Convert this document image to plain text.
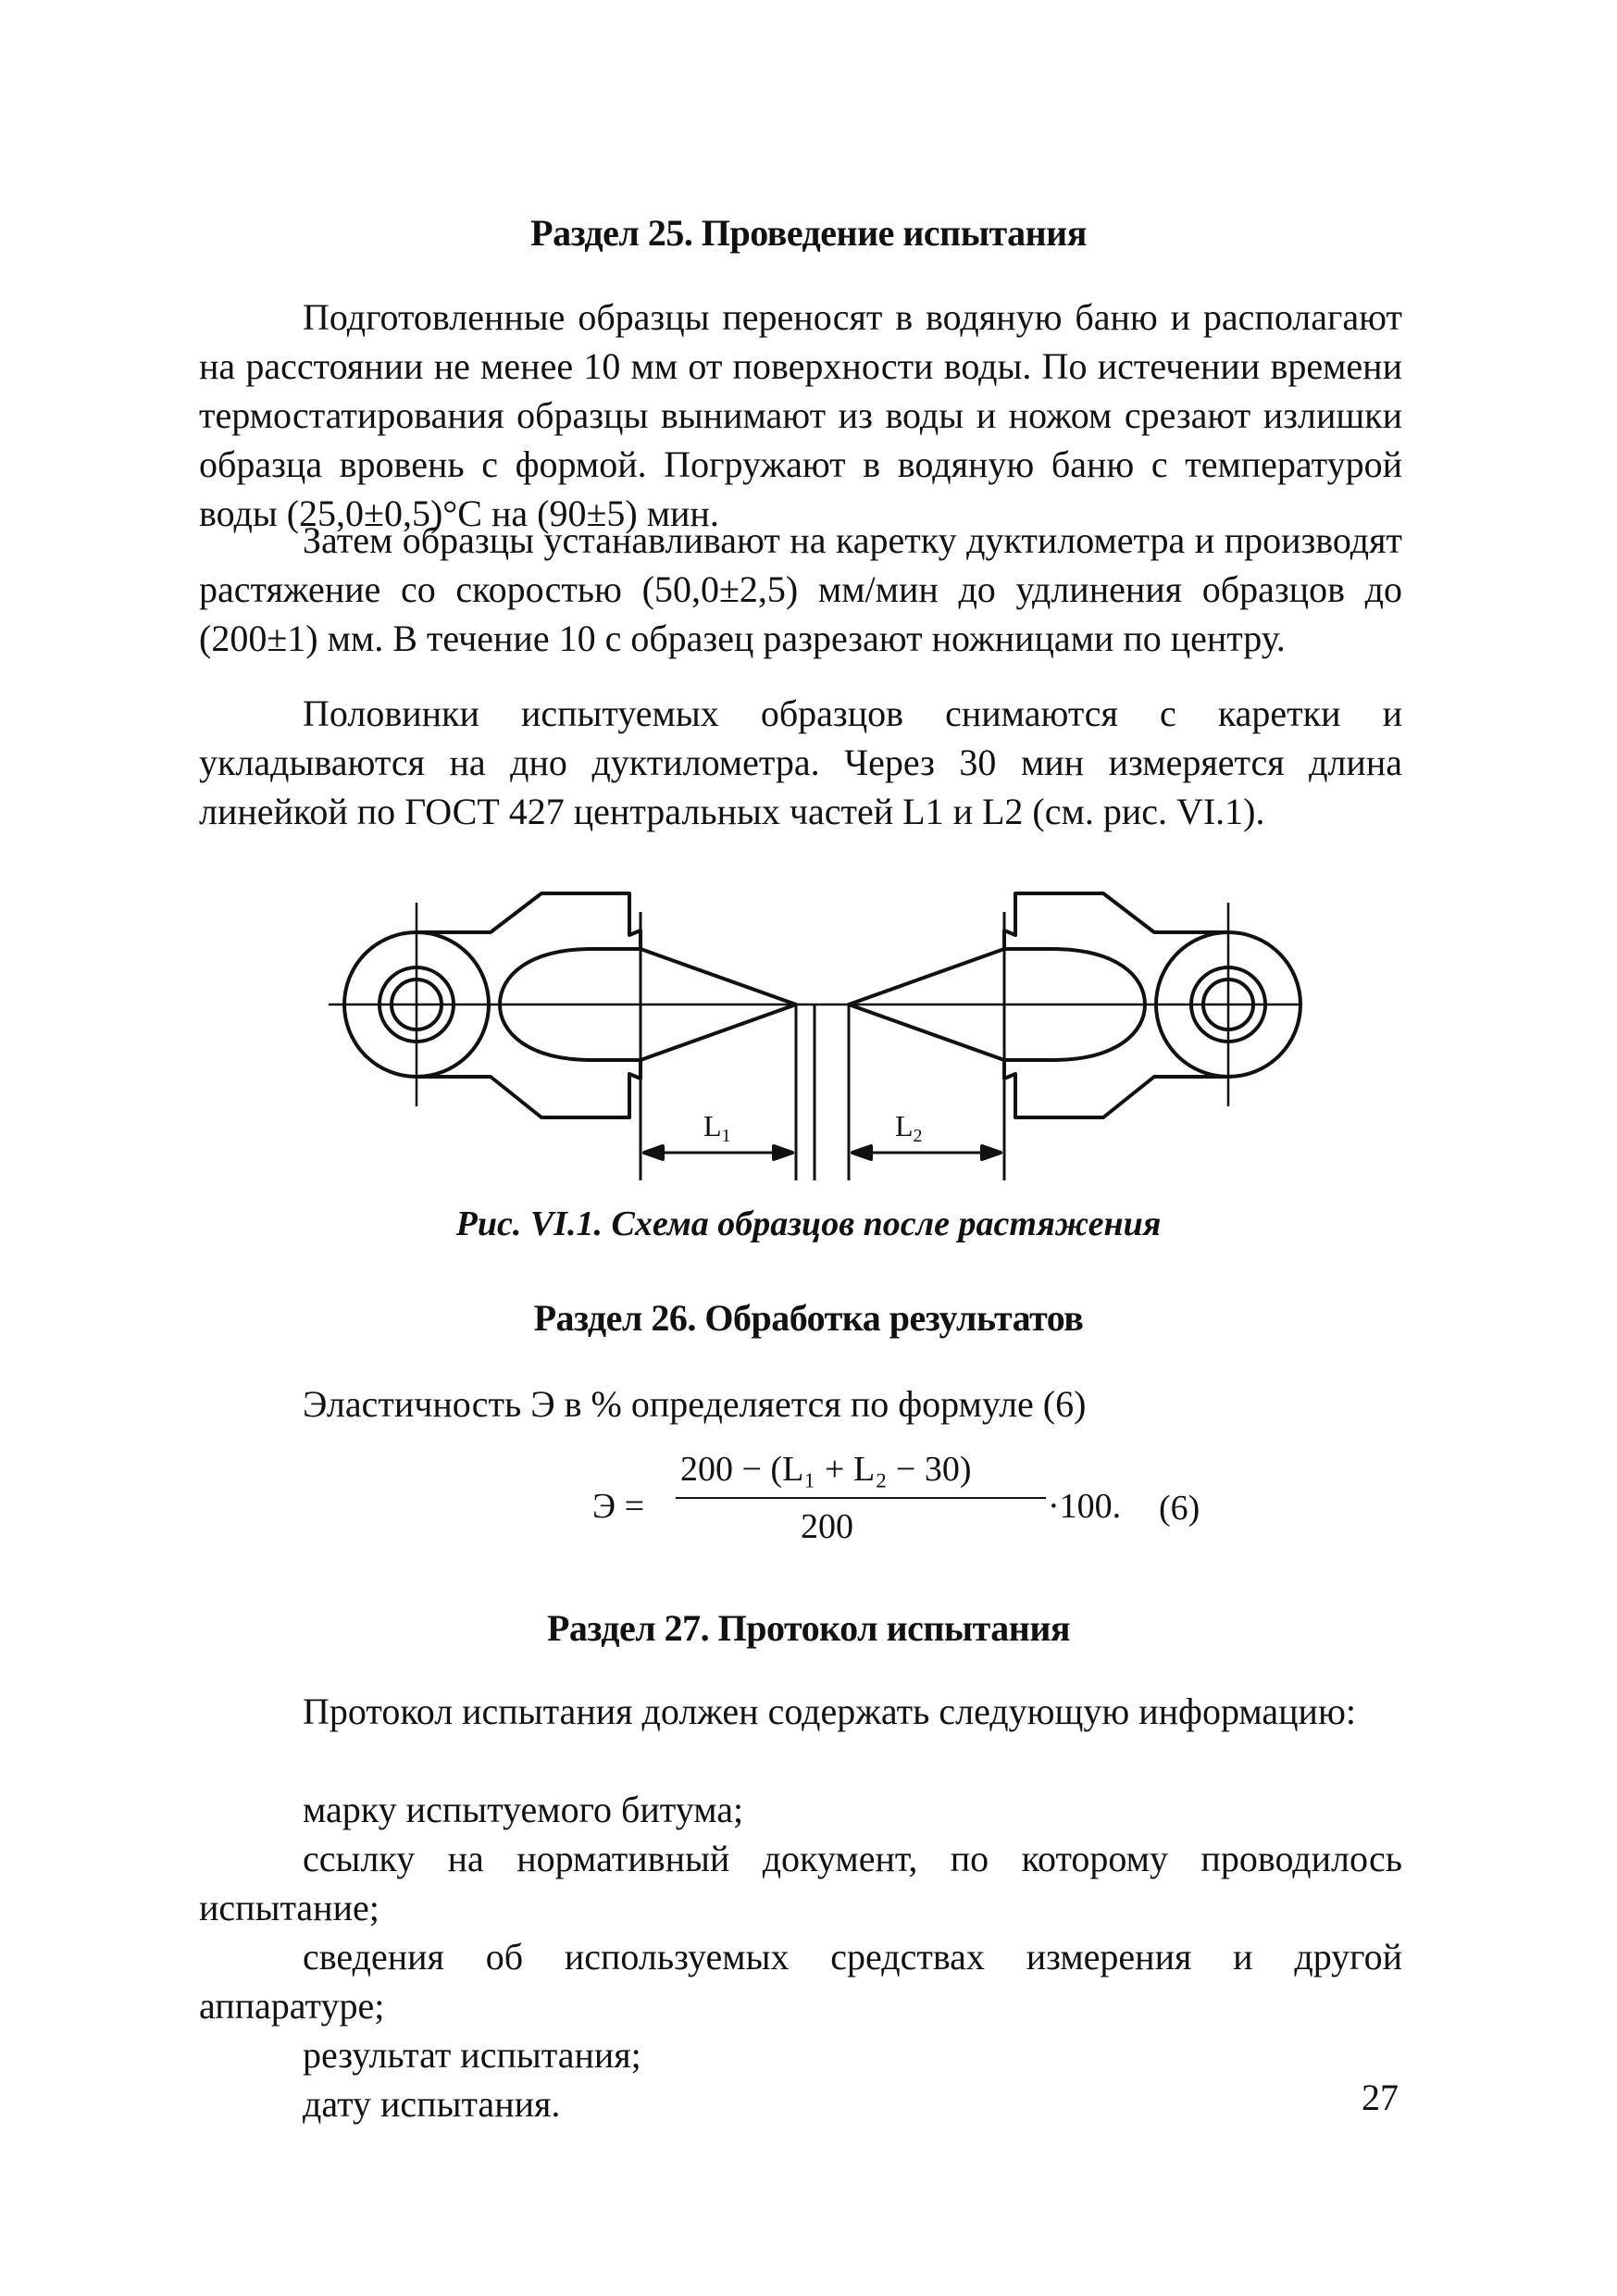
Раздел 25. Проведение испытания
Подготовленные образцы переносят в водяную баню и располагают на расстоянии не менее 10 мм от поверхности воды. По истечении времени термостатирования образцы вынимают из воды и ножом срезают излишки образца вровень с формой. Погружают в водяную баню с температурой воды (25,0±0,5)°С на (90±5) мин.
Затем образцы устанавливают на каретку дуктилометра и производят растяжение со скоростью (50,0±2,5) мм/мин до удлинения образцов до (200±1) мм. В течение 10 с образец разрезают ножницами по центру.
Половинки испытуемых образцов снимаются с каретки и укладываются на дно дуктилометра. Через 30 мин измеряется длина линейкой по ГОСТ 427 центральных частей L1 и L2 (см. рис. VI.1).
L1	L2
Рис. VI.1. Схема образцов после растяжения
Раздел 26. Обработка результатов
Эластичность Э в % определяется по формуле (6)
Э =
200 − (L₁ + L₂ − 30)
200
·100. (6)
Раздел 27. Протокол испытания
Протокол испытания должен содержать следующую информацию:
марку испытуемого битума;
ссылку на нормативный документ, по которому проводилось испытание;
сведения об используемых средствах измерения и другой аппаратуре;
результат испытания;
дату испытания.	27
